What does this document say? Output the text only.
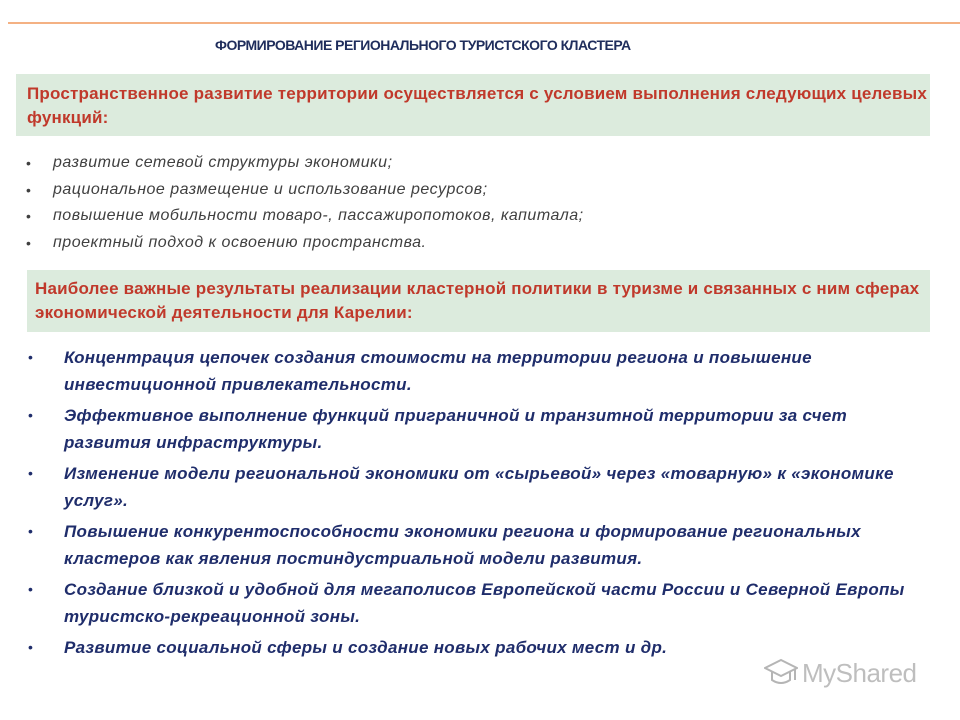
ФОРМИРОВАНИЕ РЕГИОНАЛЬНОГО ТУРИСТСКОГО КЛАСТЕРА
Пространственное развитие территории осуществляется с условием выполнения следующих целевых функций:
• развитие сетевой структуры экономики;
• рациональное размещение и использование ресурсов;
• повышение мобильности товаро-, пассажиропотоков, капитала;
• проектный подход к освоению пространства.
Наиболее важные результаты реализации кластерной политики в туризме и связанных с ним сферах экономической деятельности для Карелии:
• Концентрация цепочек создания стоимости на территории региона и повышение инвестиционной привлекательности.
• Эффективное выполнение функций приграничной и транзитной территории за счет развития инфраструктуры.
• Изменение модели региональной экономики от «сырьевой» через «товарную» к «экономике услуг».
• Повышение конкурентоспособности экономики региона и формирование региональных кластеров как явления постиндустриальной модели развития.
• Создание близкой и удобной для мегаполисов Европейской части России и Северной Европы туристско-рекреационной зоны.
• Развитие социальной сферы и создание новых рабочих мест и др.
MyShared
